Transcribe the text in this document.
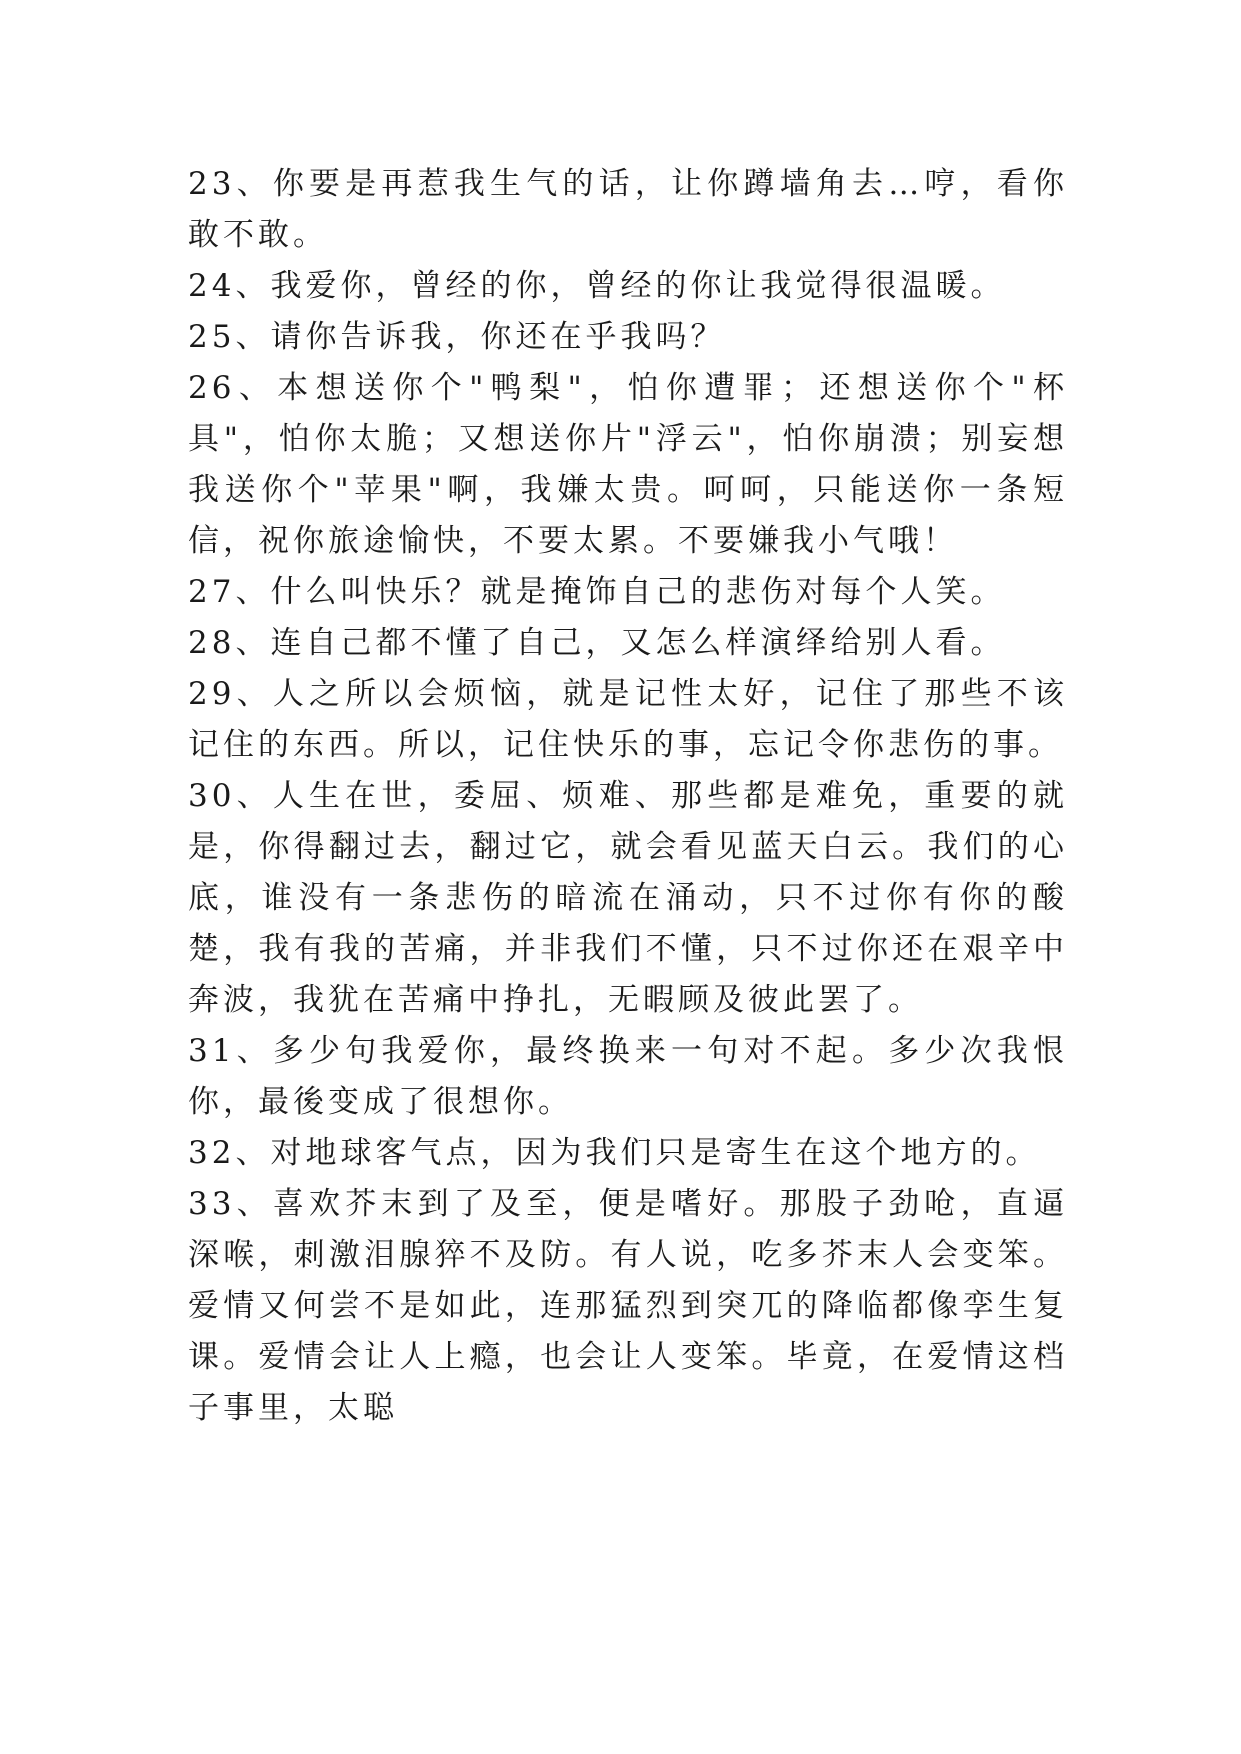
23、你要是再惹我生气的话，让你蹲墙角去…哼，看你敢不敢。

24、我爱你，曾经的你，曾经的你让我觉得很温暖。

25、请你告诉我，你还在乎我吗？

26、本想送你个"鸭梨"，怕你遭罪；还想送你个"杯具"，怕你太脆；又想送你片"浮云"，怕你崩溃；别妄想我送你个"苹果"啊，我嫌太贵。呵呵，只能送你一条短信，祝你旅途愉快，不要太累。不要嫌我小气哦！

27、什么叫快乐？就是掩饰自己的悲伤对每个人笑。

28、连自己都不懂了自己，又怎么样演绎给别人看。

29、人之所以会烦恼，就是记性太好，记住了那些不该记住的东西。所以，记住快乐的事，忘记令你悲伤的事。

30、人生在世，委屈、烦难、那些都是难免，重要的就是，你得翻过去，翻过它，就会看见蓝天白云。我们的心底，谁没有一条悲伤的暗流在涌动，只不过你有你的酸楚，我有我的苦痛，并非我们不懂，只不过你还在艰辛中奔波，我犹在苦痛中挣扎，无暇顾及彼此罢了。

31、多少句我爱你，最终换来一句对不起。多少次我恨你，最後变成了很想你。

32、对地球客气点，因为我们只是寄生在这个地方的。

33、喜欢芥末到了及至，便是嗜好。那股子劲呛，直逼深喉，刺激泪腺猝不及防。有人说，吃多芥末人会变笨。爱情又何尝不是如此，连那猛烈到突兀的降临都像孪生复课。爱情会让人上瘾，也会让人变笨。毕竟，在爱情这档子事里，太聪
